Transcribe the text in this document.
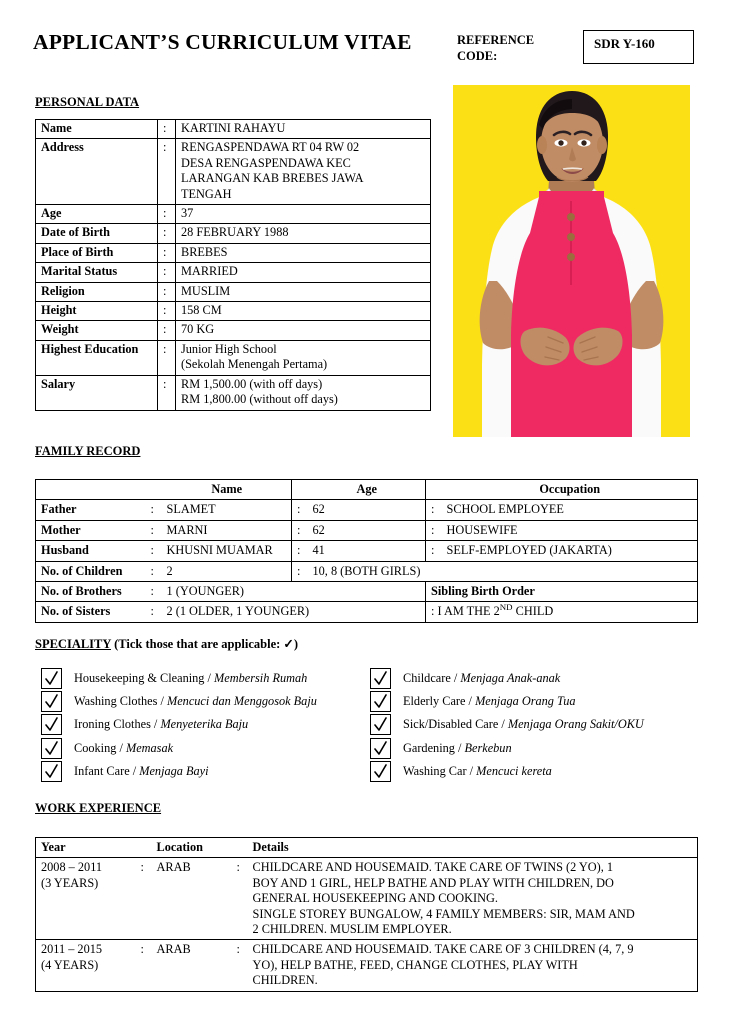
APPLICANT’S CURRICULUM VITAE	REFERENCE
CODE:
SDR Y-160
PERSONAL DATA
Name	:	KARTINI RAHAYU

Address	:	RENGASPENDAWA RT 04 RW 02
DESA RENGASPENDAWA KEC
LARANGAN KAB BREBES JAWA
TENGAH

Age	:	37

Date of Birth	:	28 FEBRUARY 1988

Place of Birth	:	BREBES

Marital Status	:	MARRIED

Religion	:	MUSLIM

Height	:	158 CM

Weight	:	70 KG

Highest Education	:	Junior High School
(Sekolah Menengah Pertama)

Salary	:	RM 1,500.00 (with off days)
RM 1,800.00 (without off days)
FAMILY RECORD
		Name		Age		Occupation
Father	:	SLAMET	:	62	:	SCHOOL EMPLOYEE
Mother	:	MARNI	:	62	:	HOUSEWIFE
Husband	:	KHUSNI MUAMAR	:	41	:	SELF-EMPLOYED (JAKARTA)
No. of Children	:	2	:	10, 8 (BOTH GIRLS)		
No. of Brothers	:	1 (YOUNGER)			Sibling Birth Order	
No. of Sisters	:	2 (1 OLDER, 1 YOUNGER)			: I AM THE 2ND CHILD	
SPECIALITY (Tick those that are applicable: ✓)
Housekeeping & Cleaning / Membersih Rumah
Washing Clothes / Mencuci dan Menggosok Baju
Ironing Clothes / Menyeterika Baju
Cooking / Memasak
Infant Care / Menjaga Bayi
Childcare / Menjaga Anak-anak
Elderly Care / Menjaga Orang Tua
Sick/Disabled Care / Menjaga Orang Sakit/OKU
Gardening / Berkebun
Washing Car / Mencuci kereta
WORK EXPERIENCE
Year		Location		Details

2008 – 2011
(3 YEARS)
	:	ARAB	:	CHILDCARE AND HOUSEMAID. TAKE CARE OF TWINS (2 YO), 1
BOY AND 1 GIRL, HELP BATHE AND PLAY WITH CHILDREN, DO
GENERAL HOUSEKEEPING AND COOKING.
SINGLE STOREY BUNGALOW, 4 FAMILY MEMBERS: SIR, MAM AND
2 CHILDREN. MUSLIM EMPLOYER.

2011 – 2015
(4 YEARS)
	:	ARAB	:	CHILDCARE AND HOUSEMAID. TAKE CARE OF 3 CHILDREN (4, 7, 9
YO), HELP BATHE, FEED, CHANGE CLOTHES, PLAY WITH
CHILDREN.
